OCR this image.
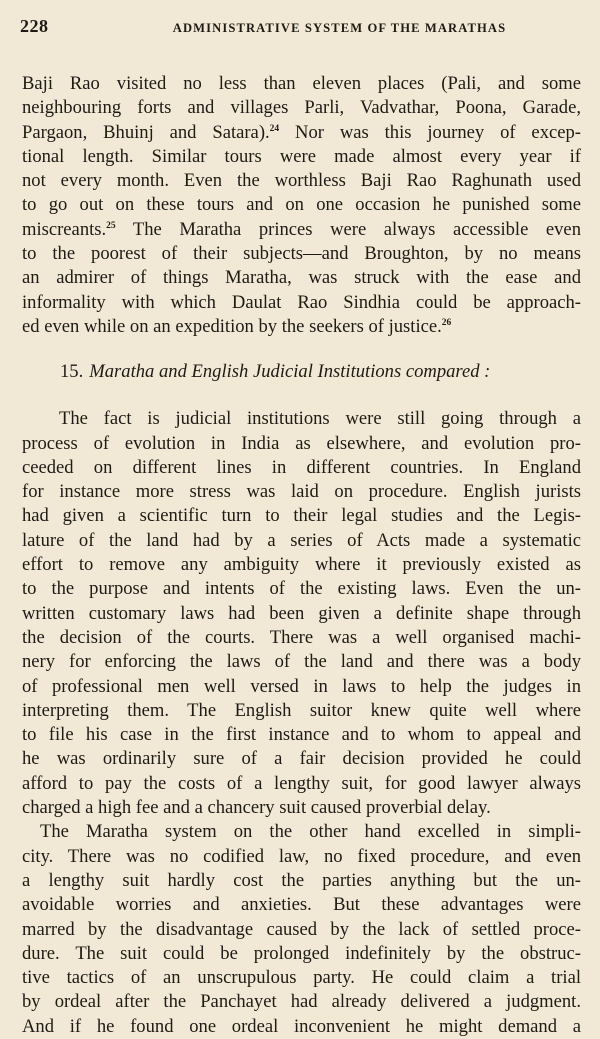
228	ADMINISTRATIVE SYSTEM OF THE MARATHAS
Baji Rao visited no less than eleven places (Pali, and some
neighbouring forts and villages Parli, Vadvathar, Poona, Garade,
Pargaon, Bhuinj and Satara).$^{24}$ Nor was this journey of excep-
tional length. Similar tours were made almost every year if
not every month. Even the worthless Baji Rao Raghunath used
to go out on these tours and on one occasion he punished some
miscreants.$^{25}$ The Maratha princes were always accessible even
to the poorest of their subjects—and Broughton, by no means
an admirer of things Maratha, was struck with the ease and
informality with which Daulat Rao Sindhia could be approach-
ed even while on an expedition by the seekers of justice.$^{26}$
15. Maratha and English Judicial Institutions compared :
The fact is judicial institutions were still going through a
process of evolution in India as elsewhere, and evolution pro-
ceeded on different lines in different countries. In England
for instance more stress was laid on procedure. English jurists
had given a scientific turn to their legal studies and the Legis-
lature of the land had by a series of Acts made a systematic
effort to remove any ambiguity where it previously existed as
to the purpose and intents of the existing laws. Even the un-
written customary laws had been given a definite shape through
the decision of the courts. There was a well organised machi-
nery for enforcing the laws of the land and there was a body
of professional men well versed in laws to help the judges in
interpreting them. The English suitor knew quite well where
to file his case in the first instance and to whom to appeal and
he was ordinarily sure of a fair decision provided he could
afford to pay the costs of a lengthy suit, for good lawyer always
charged a high fee and a chancery suit caused proverbial delay.
The Maratha system on the other hand excelled in simpli-
city. There was no codified law, no fixed procedure, and even
a lengthy suit hardly cost the parties anything but the un-
avoidable worries and anxieties. But these advantages were
marred by the disadvantage caused by the lack of settled proce-
dure. The suit could be prolonged indefinitely by the obstruc-
tive tactics of an unscrupulous party. He could claim a trial
by ordeal after the Panchayet had already delivered a judgment.
And if he found one ordeal inconvenient he might demand a
